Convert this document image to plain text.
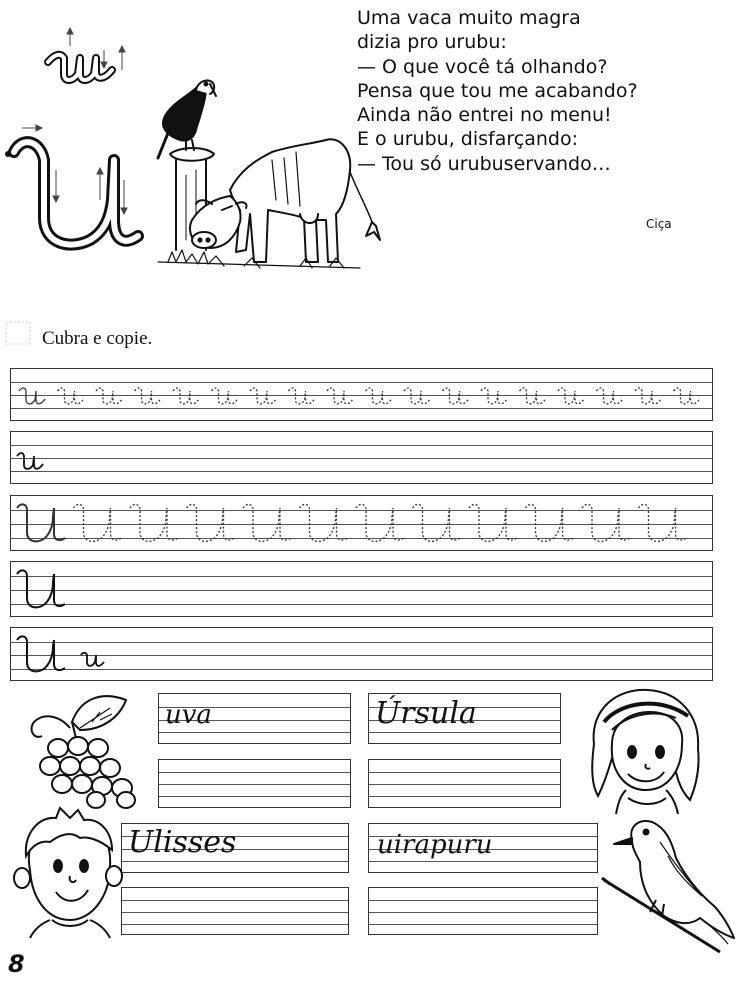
Uma vaca muito magra
dizia pro urubu:
— O que você tá olhando?
Pensa que tou me acabando?
Ainda não entrei no menu!
E o urubu, disfarçando:
— Tou só urubuservando…
Ciça
Cubra e copie.
uva	Úrsula
Ulisses	uirapuru
8
